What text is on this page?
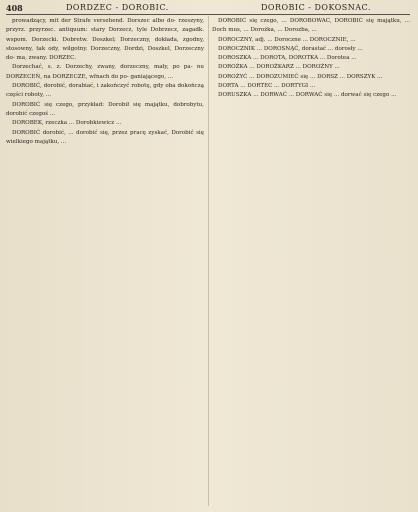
408	DORDZEC - DOROBIC.	DOROBIC - DOKOSNAC.

prowadzący, mit der Strafe versehend. Dorszec albo do- rzeszyny, przyrz. przyrzec. antiquum: stary Dorzecz, tyle Dobrzecz, zagadk. wspom. Dorzecki. Dobretw. Doszkel; Dorzeczny, dokłada, zgodny, stosowny, tak ody, wilgotny. Dorzeczny, Dordzi, Doszkel, Dorzeczny do- ma, zwany. DORZEC.

Dorzechać, s. z. Dorzechy, zwany, dorzeczny, mały, po pa- nu DORZECEŃ, na DORZECZE, wfnach do po- ganiającego, ...

DOROBIĆ, dorobić, dorabiać, i zakończyć robotę, gdy oba dokończą części roboty, ...

DOROBIĆ się czego, przykład: Dorobił się majątku, dobrobytu, dorobić czegoś ...

DOROBEK, rzeczka ... Dorobkiewicz ...

DOROBIĆ dorobić, ... dorobić się, przez pracę zyskać, Dorobić się wielkiego majątku, ...

DOROBIĆ się czego, ... DOROBOWAĆ, DOROBIĆ się majątku, ... Doch mus, ... Dorożka, ... Dorozba, ...

DOROCZNY, adj. ... Doroczne ... DOROCZNIE, ...

DOROCZNIK ... DOROSNĄĆ, dorastać ... dorosły ...

DOROSZKA ... DOROTA, DOROTKA ... Dorotea ...

DOROŻKA ... DOROŻKARZ ... DOROŻNY ...

DOROŻYĆ ... DOROZUMIEĆ się ... DORSZ ... DORSZYK ...

DORTA ... DORTEC ... DORTYGI ...

DORUSZKA ... DORWAĆ ... DORWAĆ się ... dorwać się czego ...
